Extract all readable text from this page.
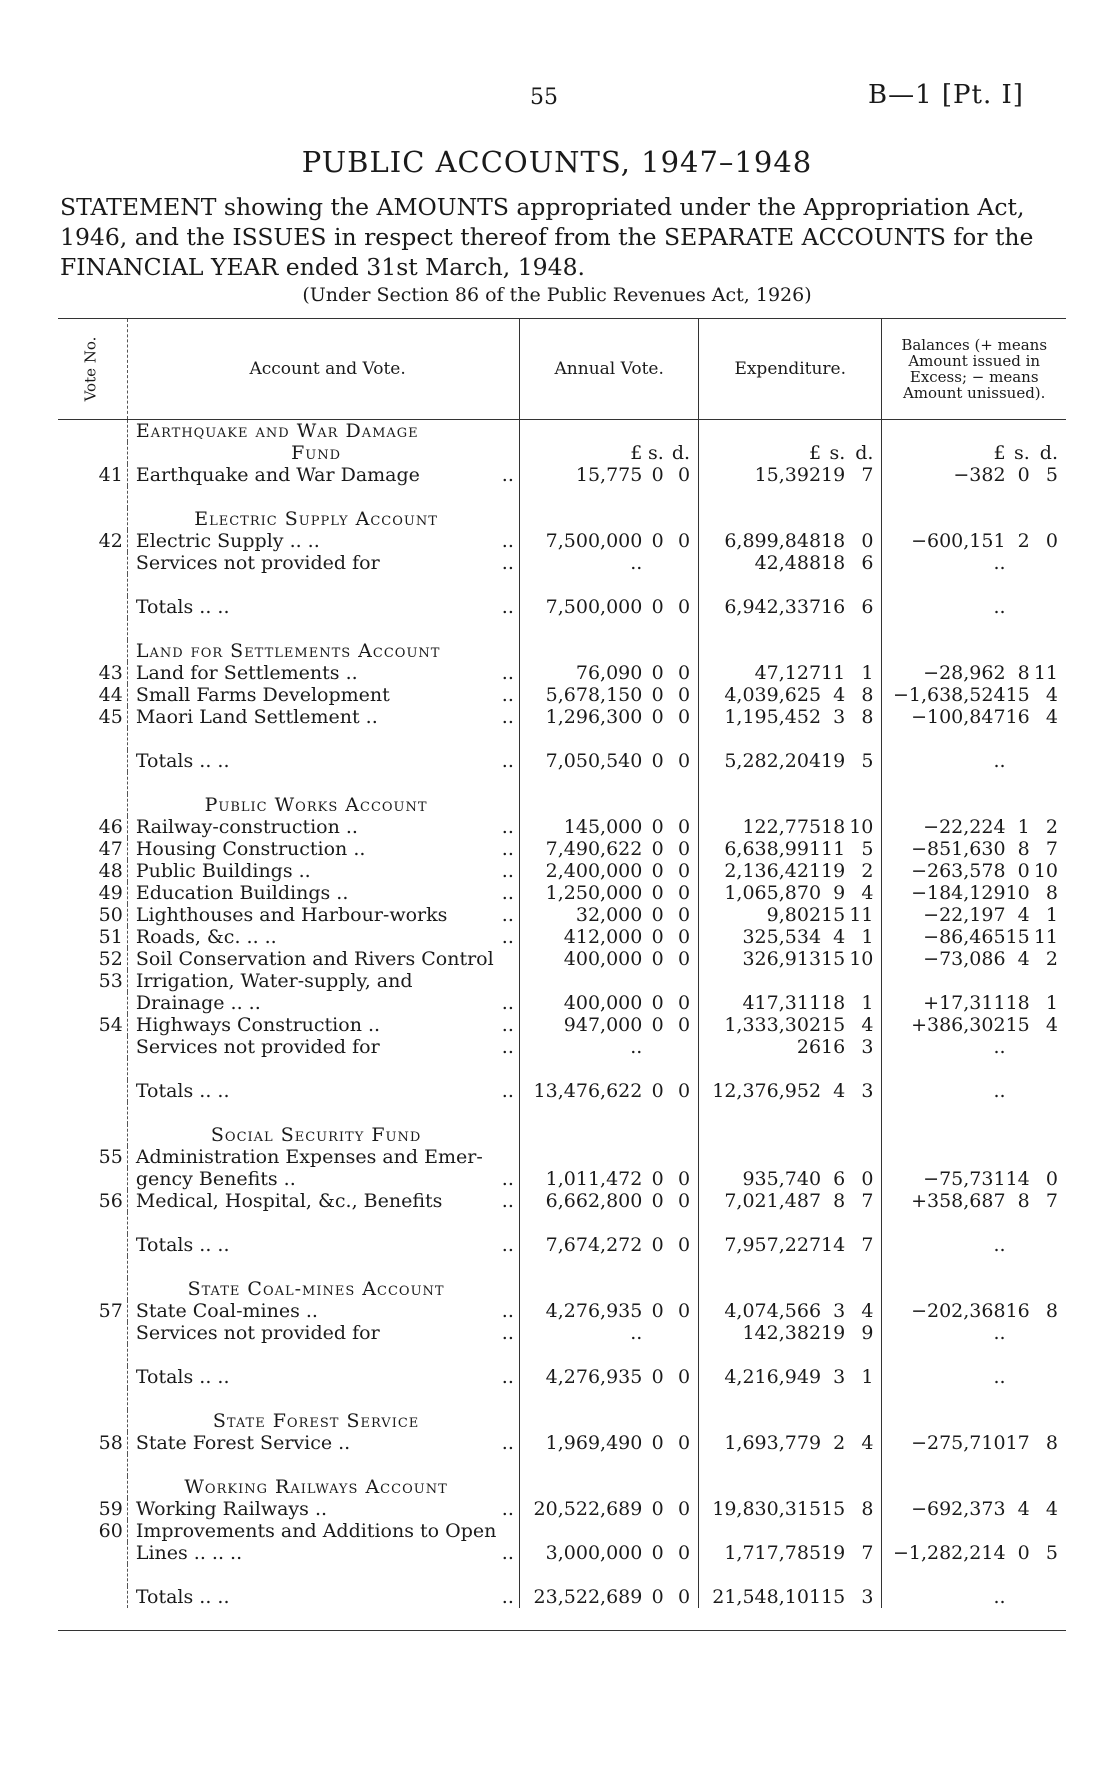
55	B—1 [Pt. I]
PUBLIC ACCOUNTS, 1947–1948
STATEMENT showing the AMOUNTS appropriated under the Appropriation Act, 1946, and the ISSUES in respect thereof from the SEPARATE ACCOUNTS for the FINANCIAL YEAR ended 31st March, 1948.
(Under Section 86 of the Public Revenues Act, 1926)
Vote No.	Account and Vote.		Annual Vote.			Expenditure.			Balances (+ means Amount issued in Excess; − means Amount unissued).		

	Earthquake and War Damage										
	Fund		£	s.	d.	£	s.	d.	£	s.	d.
41	Earthquake and War Damage	..	15,775	0	0	15,392	19	7	−382	0	5

	Electric Supply Account										
42	Electric Supply .. ..	..	7,500,000	0	0	6,899,848	18	0	−600,151	2	0
	Services not provided for	..	..			42,488	18	6	..		

	Totals .. ..	..	7,500,000	0	0	6,942,337	16	6	..		

	Land for Settlements Account										
43	Land for Settlements ..	..	76,090	0	0	47,127	11	1	−28,962	8	11
44	Small Farms Development	..	5,678,150	0	0	4,039,625	4	8	−1,638,524	15	4
45	Maori Land Settlement ..	..	1,296,300	0	0	1,195,452	3	8	−100,847	16	4

	Totals .. ..	..	7,050,540	0	0	5,282,204	19	5	..		

	Public Works Account										
46	Railway-construction ..	..	145,000	0	0	122,775	18	10	−22,224	1	2
47	Housing Construction ..	..	7,490,622	0	0	6,638,991	11	5	−851,630	8	7
48	Public Buildings ..	..	2,400,000	0	0	2,136,421	19	2	−263,578	0	10
49	Education Buildings ..	..	1,250,000	0	0	1,065,870	9	4	−184,129	10	8
50	Lighthouses and Harbour-works	..	32,000	0	0	9,802	15	11	−22,197	4	1
51	Roads, &c. .. ..	..	412,000	0	0	325,534	4	1	−86,465	15	11
52	Soil Conservation and Rivers Control		400,000	0	0	326,913	15	10	−73,086	4	2
53	Irrigation, Water-supply, and										
	Drainage .. ..	..	400,000	0	0	417,311	18	1	+17,311	18	1
54	Highways Construction ..	..	947,000	0	0	1,333,302	15	4	+386,302	15	4
	Services not provided for	..	..			26	16	3	..		

	Totals .. ..	..	13,476,622	0	0	12,376,952	4	3	..		

	Social Security Fund										
55	Administration Expenses and Emer-										
	gency Benefits ..	..	1,011,472	0	0	935,740	6	0	−75,731	14	0
56	Medical, Hospital, &c., Benefits	..	6,662,800	0	0	7,021,487	8	7	+358,687	8	7

	Totals .. ..	..	7,674,272	0	0	7,957,227	14	7	..		

	State Coal-mines Account										
57	State Coal-mines ..	..	4,276,935	0	0	4,074,566	3	4	−202,368	16	8
	Services not provided for	..	..			142,382	19	9	..		

	Totals .. ..	..	4,276,935	0	0	4,216,949	3	1	..		

	State Forest Service										
58	State Forest Service ..	..	1,969,490	0	0	1,693,779	2	4	−275,710	17	8

	Working Railways Account										
59	Working Railways ..	..	20,522,689	0	0	19,830,315	15	8	−692,373	4	4
60	Improvements and Additions to Open										
	Lines .. .. ..	..	3,000,000	0	0	1,717,785	19	7	−1,282,214	0	5

	Totals .. ..	..	23,522,689	0	0	21,548,101	15	3	..		
